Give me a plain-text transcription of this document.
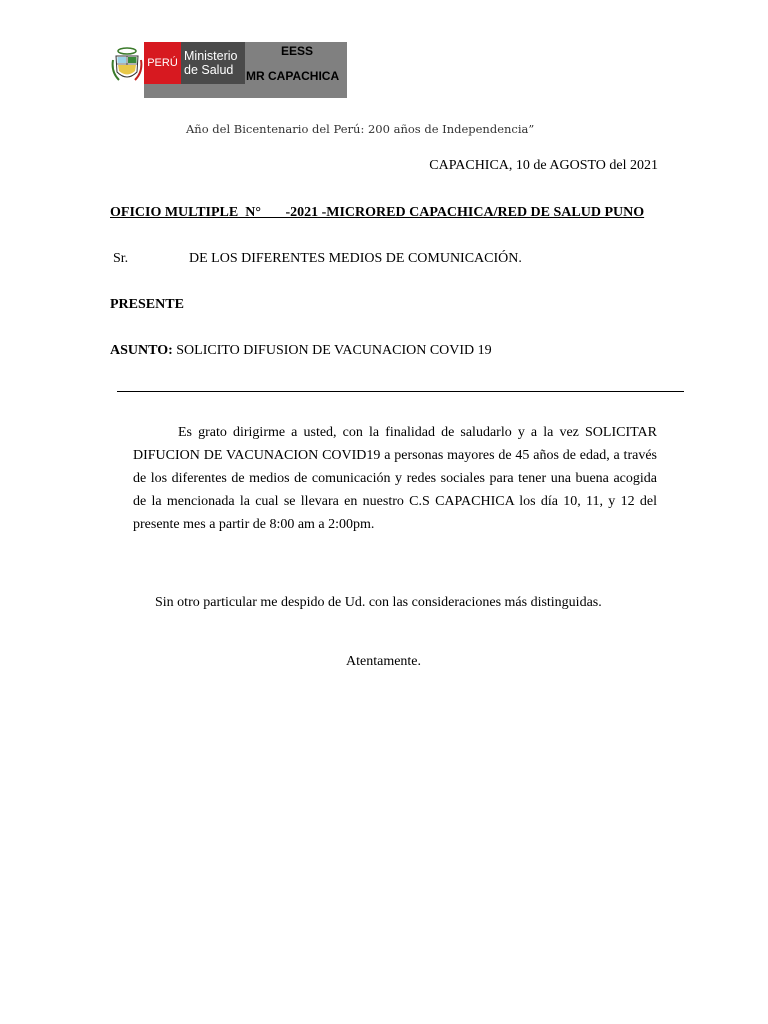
PERÚ Ministerio
de Salud
EESS
MR CAPACHICA
Año del Bicentenario del Perú: 200 años de Independencia”
CAPACHICA, 10 de AGOSTO del 2021
OFICIO MULTIPLE  N°       -2021 -MICRORED CAPACHICA/RED DE SALUD PUNO
Sr.	DE LOS DIFERENTES MEDIOS DE COMUNICACIÓN.
PRESENTE
ASUNTO: SOLICITO DIFUSION DE VACUNACION COVID 19
Es grato dirigirme a usted, con la finalidad de saludarlo y a la vez SOLICITAR DIFUCION DE VACUNACION COVID19 a personas mayores de 45 años de edad, a través de los diferentes de medios de comunicación y redes sociales para tener una buena acogida de la mencionada la cual se llevara en nuestro C.S CAPACHICA los día 10, 11, y 12 del presente mes a partir de 8:00 am a 2:00pm.
Sin otro particular me despido de Ud. con las consideraciones más distinguidas.
Atentamente.
